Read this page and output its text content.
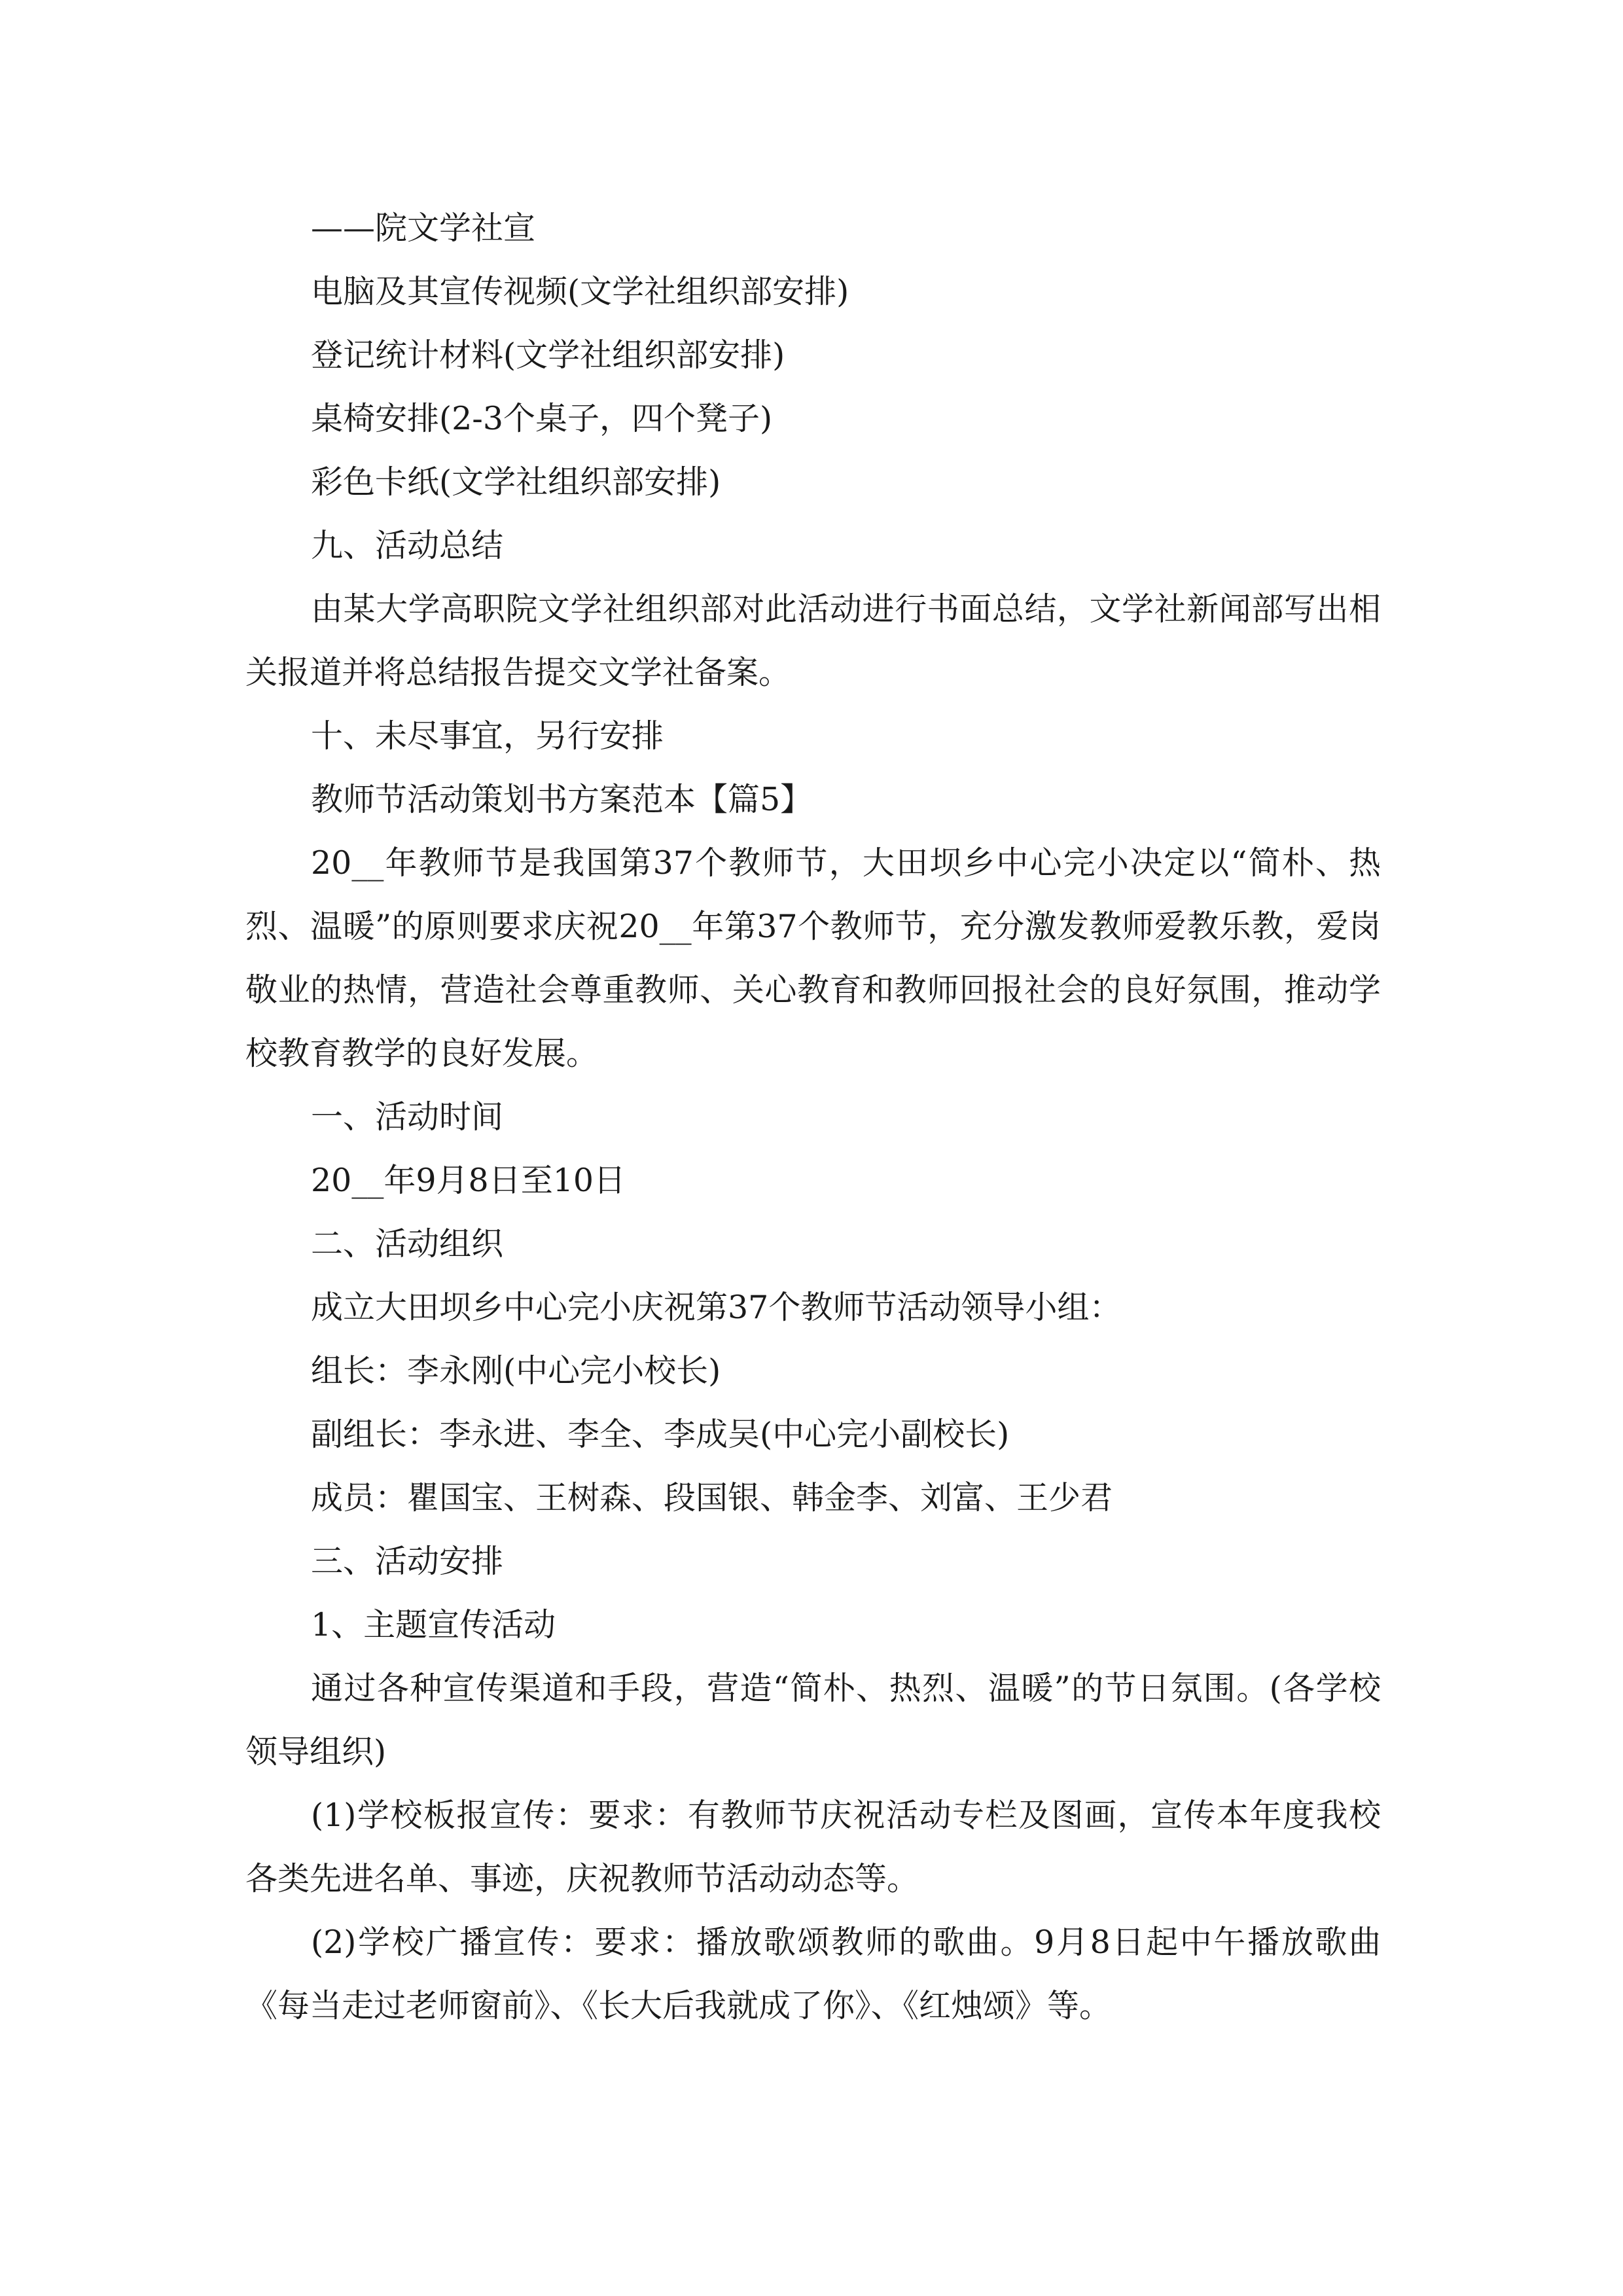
——院文学社宣

电脑及其宣传视频(文学社组织部安排)

登记统计材料(文学社组织部安排)

桌椅安排(2-3个桌子，四个凳子)

彩色卡纸(文学社组织部安排)

九、活动总结

由某大学高职院文学社组织部对此活动进行书面总结，文学社新闻部写出相关报道并将总结报告提交文学社备案。

十、未尽事宜，另行安排

教师节活动策划书方案范本【篇5】

20__年教师节是我国第37个教师节，大田坝乡中心完小决定以“简朴、热烈、温暖”的原则要求庆祝20__年第37个教师节，充分激发教师爱教乐教，爱岗敬业的热情，营造社会尊重教师、关心教育和教师回报社会的良好氛围，推动学校教育教学的良好发展。

一、活动时间

20__年9月8日至10日

二、活动组织

成立大田坝乡中心完小庆祝第37个教师节活动领导小组：

组长：李永刚(中心完小校长)

副组长：李永进、李全、李成吴(中心完小副校长)

成员：瞿国宝、王树森、段国银、韩金李、刘富、王少君

三、活动安排

1、主题宣传活动

通过各种宣传渠道和手段，营造“简朴、热烈、温暖”的节日氛围。(各学校领导组织)

(1)学校板报宣传：要求：有教师节庆祝活动专栏及图画，宣传本年度我校各类先进名单、事迹，庆祝教师节活动动态等。

(2)学校广播宣传：要求：播放歌颂教师的歌曲。9月8日起中午播放歌曲《每当走过老师窗前》、《长大后我就成了你》、《红烛颂》等。
